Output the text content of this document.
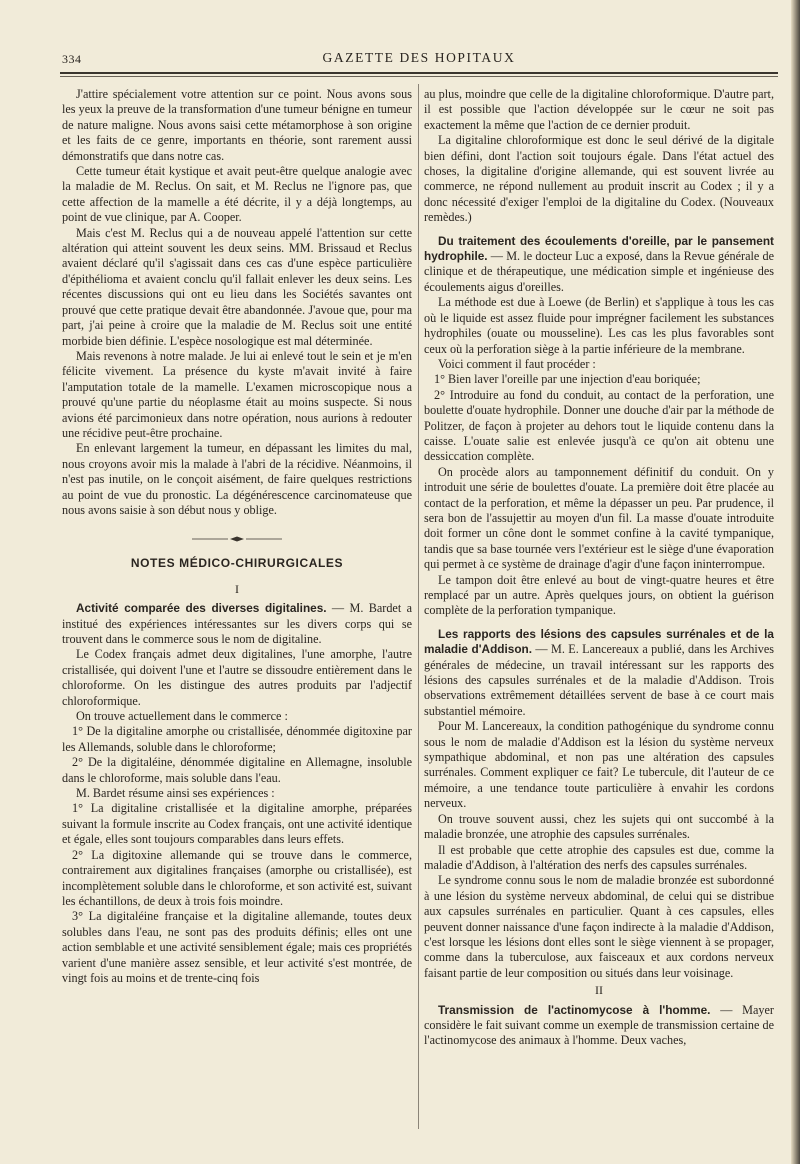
334	GAZETTE DES HOPITAUX

J'attire spécialement votre attention sur ce point. Nous avons sous les yeux la preuve de la transformation d'une tumeur bénigne en tumeur de nature maligne. Nous avons saisi cette métamorphose à son origine et les faits de ce genre, importants en théorie, sont rarement aussi démonstratifs que dans notre cas.

Cette tumeur était kystique et avait peut-être quelque analogie avec la maladie de M. Reclus. On sait, et M. Reclus ne l'ignore pas, que cette affection de la mamelle a été décrite, il y a déjà longtemps, au point de vue clinique, par A. Cooper.

Mais c'est M. Reclus qui a de nouveau appelé l'attention sur cette altération qui atteint souvent les deux seins. MM. Brissaud et Reclus avaient déclaré qu'il s'agissait dans ces cas d'une espèce particulière d'épithélioma et avaient conclu qu'il fallait enlever les deux seins. Les récentes discussions qui ont eu lieu dans les Sociétés savantes ont prouvé que cette pratique devait être abandonnée. J'avoue que, pour ma part, j'ai peine à croire que la maladie de M. Reclus soit une entité morbide bien définie. L'espèce nosologique est mal déterminée.

Mais revenons à notre malade. Je lui ai enlevé tout le sein et je m'en félicite vivement. La présence du kyste m'avait invité à faire l'amputation totale de la mamelle. L'examen microscopique nous a prouvé qu'une partie du néoplasme était au moins suspecte. Si nous avions été parcimonieux dans notre opération, nous aurions à redouter une récidive peut-être prochaine.

En enlevant largement la tumeur, en dépassant les limites du mal, nous croyons avoir mis la malade à l'abri de la récidive. Néanmoins, il n'est pas inutile, on le conçoit aisément, de faire quelques restrictions au point de vue du pronostic. La dégénérescence carcinomateuse que nous avons saisie à son début nous y oblige.

NOTES MÉDICO-CHIRURGICALES

I

Activité comparée des diverses digitalines. — M. Bardet a institué des expériences intéressantes sur les divers corps qui se trouvent dans le commerce sous le nom de digitaline.

Le Codex français admet deux digitalines, l'une amorphe, l'autre cristallisée, qui doivent l'une et l'autre se dissoudre entièrement dans le chloroforme. On les distingue des autres produits par l'adjectif chloroformique.

On trouve actuellement dans le commerce :

1° De la digitaline amorphe ou cristallisée, dénommée digitoxine par les Allemands, soluble dans le chloroforme;

2° De la digitaléine, dénommée digitaline en Allemagne, insoluble dans le chloroforme, mais soluble dans l'eau.

M. Bardet résume ainsi ses expériences :

1° La digitaline cristallisée et la digitaline amorphe, préparées suivant la formule inscrite au Codex français, ont une activité identique et égale, elles sont toujours comparables dans leurs effets.

2° La digitoxine allemande qui se trouve dans le commerce, contrairement aux digitalines françaises (amorphe ou cristallisée), est incomplètement soluble dans le chloroforme, et son activité est, suivant les échantillons, de deux à trois fois moindre.

3° La digitaléine française et la digitaline allemande, toutes deux solubles dans l'eau, ne sont pas des produits définis; elles ont une action semblable et une activité sensiblement égale; mais ces propriétés varient d'une manière assez sensible, et leur activité s'est montrée, de vingt fois au moins et de trente-cinq fois

au plus, moindre que celle de la digitaline chloroformique. D'autre part, il est possible que l'action développée sur le cœur ne soit pas exactement la même que l'action de ce dernier produit.

La digitaline chloroformique est donc le seul dérivé de la digitale bien défini, dont l'action soit toujours égale. Dans l'état actuel des choses, la digitaline d'origine allemande, qui est souvent livrée au commerce, ne répond nullement au produit inscrit au Codex ; il y a donc nécessité d'exiger l'emploi de la digitaline du Codex. (Nouveaux remèdes.)

Du traitement des écoulements d'oreille, par le pansement hydrophile. — M. le docteur Luc a exposé, dans la Revue générale de clinique et de thérapeutique, une médication simple et ingénieuse des écoulements aigus d'oreilles.

La méthode est due à Loewe (de Berlin) et s'applique à tous les cas où le liquide est assez fluide pour imprégner facilement les substances hydrophiles (ouate ou mousseline). Les cas les plus favorables sont ceux où la perforation siège à la partie inférieure de la membrane.

Voici comment il faut procéder :

1° Bien laver l'oreille par une injection d'eau boriquée;

2° Introduire au fond du conduit, au contact de la perforation, une boulette d'ouate hydrophile. Donner une douche d'air par la méthode de Politzer, de façon à projeter au dehors tout le liquide contenu dans la caisse. L'ouate salie est enlevée jusqu'à ce qu'on ait obtenu une dessiccation complète.

On procède alors au tamponnement définitif du conduit. On y introduit une série de boulettes d'ouate. La première doit être placée au contact de la perforation, et même la dépasser un peu. Par prudence, il sera bon de l'assujettir au moyen d'un fil. La masse d'ouate introduite doit former un cône dont le sommet confine à la cavité tympanique, tandis que sa base tournée vers l'extérieur est le siège d'une évaporation qui permet à ce système de drainage d'agir d'une façon ininterrompue.

Le tampon doit être enlevé au bout de vingt-quatre heures et être remplacé par un autre. Après quelques jours, on obtient la guérison complète de la perforation tympanique.

Les rapports des lésions des capsules surrénales et de la maladie d'Addison. — M. E. Lancereaux a publié, dans les Archives générales de médecine, un travail intéressant sur les rapports des lésions des capsules surrénales et de la maladie d'Addison. Trois observations extrêmement détaillées servent de base à ce court mais substantiel mémoire.

Pour M. Lancereaux, la condition pathogénique du syndrome connu sous le nom de maladie d'Addison est la lésion du système nerveux sympathique abdominal, et non pas une altération des capsules surrénales. Comment expliquer ce fait? Le tubercule, dit l'auteur de ce mémoire, a une tendance toute particulière à envahir les cordons nerveux.

On trouve souvent aussi, chez les sujets qui ont succombé à la maladie bronzée, une atrophie des capsules surrénales.

Il est probable que cette atrophie des capsules est due, comme la maladie d'Addison, à l'altération des nerfs des capsules surrénales.

Le syndrome connu sous le nom de maladie bronzée est subordonné à une lésion du système nerveux abdominal, de celui qui se distribue aux capsules surrénales en particulier. Quant à ces capsules, elles peuvent donner naissance d'une façon indirecte à la maladie d'Addison, c'est lorsque les lésions dont elles sont le siège viennent à se propager, comme dans la tuberculose, aux faisceaux et aux cordons nerveux faisant partie de leur composition ou situés dans leur voisinage.

II

Transmission de l'actinomycose à l'homme. — Mayer considère le fait suivant comme un exemple de transmission certaine de l'actinomycose des animaux à l'homme. Deux vaches,
